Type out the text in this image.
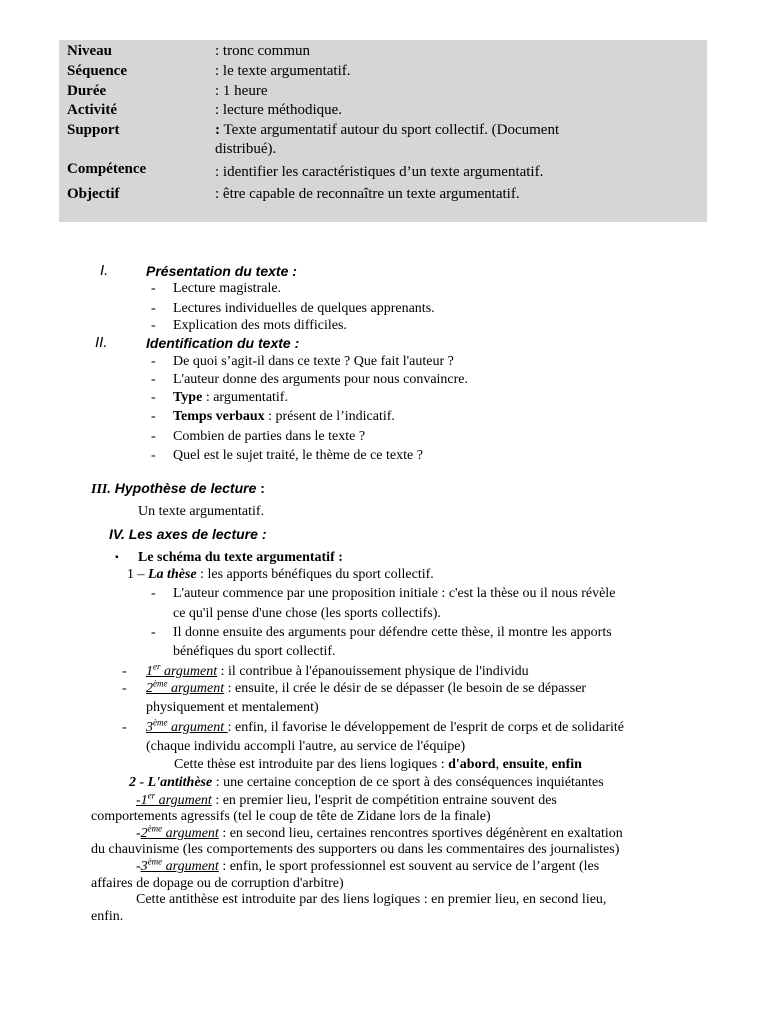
Niveau	: tronc commun
Séquence	: le texte argumentatif.
Durée	: 1 heure
Activité	: lecture méthodique.
Support	: Texte argumentatif autour du sport collectif. (Document
distribué).
Compétence	: identifier les caractéristiques d’un texte argumentatif.
Objectif	: être capable de reconnaître un texte argumentatif.
I.	Présentation du texte :
- Lecture magistrale.
- Lectures individuelles de quelques apprenants.
- Explication des mots difficiles.
II.	Identification du texte :
- De quoi s’agit-il dans ce texte ? Que fait l'auteur ?
- L'auteur donne des arguments pour nous convaincre.
- Type : argumentatif.
- Temps verbaux : présent de l’indicatif.
- Combien de parties dans le texte ?
- Quel est le sujet traité, le thème de ce texte ?
III. Hypothèse de lecture :
Un texte argumentatif.
IV. Les axes de lecture :
▪ Le schéma du texte argumentatif :
1 – La thèse : les apports bénéfiques du sport collectif.
- L'auteur commence par une proposition initiale : c'est la thèse ou il nous révèle
ce qu'il pense d'une chose (les sports collectifs).
- Il donne ensuite des arguments pour défendre cette thèse, il montre les apports
bénéfiques du sport collectif.
- 1er argument : il contribue à l'épanouissement physique de l'individu
- 2ème argument : ensuite, il crée le désir de se dépasser (le besoin de se dépasser
physiquement et mentalement)
- 3ème argument : enfin, il favorise le développement de l'esprit de corps et de solidarité
(chaque individu accompli l'autre, au service de l'équipe)
Cette thèse est introduite par des liens logiques : d'abord, ensuite, enfin
2 - L'antithèse : une certaine conception de ce sport à des conséquences inquiétantes
-1er argument : en premier lieu, l'esprit de compétition entraine souvent des
comportements agressifs (tel le coup de tête de Zidane lors de la finale)
-2ème argument : en second lieu, certaines rencontres sportives dégénèrent en exaltation
du chauvinisme (les comportements des supporters ou dans les commentaires des journalistes)
-3ème argument : enfin, le sport professionnel est souvent au service de l’argent (les
affaires de dopage ou de corruption d'arbitre)
Cette antithèse est introduite par des liens logiques : en premier lieu, en second lieu,
enfin.
